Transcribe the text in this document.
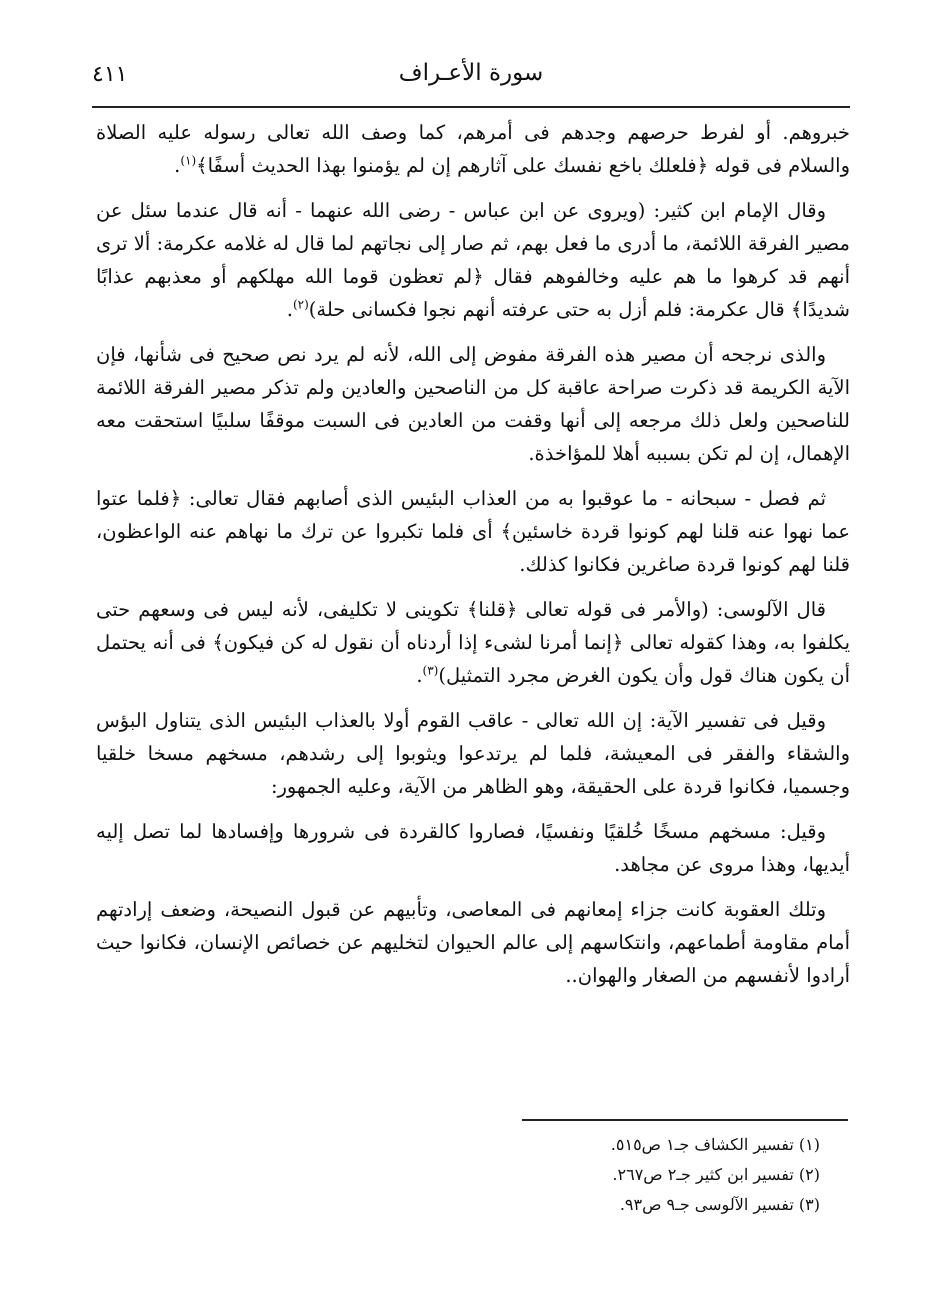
٤١١	سورة الأعـراف

خبروهم. أو لفرط حرصهم وجدهم فى أمرهم، كما وصف الله تعالى رسوله عليه الصلاة والسلام فى قوله ﴿فلعلك باخع نفسك على آثارهم إن لم يؤمنوا بهذا الحديث أسفًا﴾$^{(١)}$.

وقال الإمام ابن كثير: (ويروى عن ابن عباس - رضى الله عنهما - أنه قال عندما سئل عن مصير الفرقة اللائمة، ما أدرى ما فعل بهم، ثم صار إلى نجاتهم لما قال له غلامه عكرمة: ألا ترى أنهم قد كرهوا ما هم عليه وخالفوهم فقال ﴿لم تعظون قوما الله مهلكهم أو معذبهم عذابًا شديدًا﴾ قال عكرمة: فلم أزل به حتى عرفته أنهم نجوا فكسانى حلة)$^{(٢)}$.

والذى نرجحه أن مصير هذه الفرقة مفوض إلى الله، لأنه لم يرد نص صحيح فى شأنها، فإن الآية الكريمة قد ذكرت صراحة عاقبة كل من الناصحين والعادين ولم تذكر مصير الفرقة اللائمة للناصحين ولعل ذلك مرجعه إلى أنها وقفت من العادين فى السبت موقفًا سلبيًا استحقت معه الإهمال، إن لم تكن بسببه أهلا للمؤاخذة.

ثم فصل - سبحانه - ما عوقبوا به من العذاب البئيس الذى أصابهم فقال تعالى: ﴿فلما عتوا عما نهوا عنه قلنا لهم كونوا قردة خاسئين﴾ أى فلما تكبروا عن ترك ما نهاهم عنه الواعظون، قلنا لهم كونوا قردة صاغرين فكانوا كذلك.

قال الآلوسى: (والأمر فى قوله تعالى ﴿قلنا﴾ تكوينى لا تكليفى، لأنه ليس فى وسعهم حتى يكلفوا به، وهذا كقوله تعالى ﴿إنما أمرنا لشىء إذا أردناه أن نقول له كن فيكون﴾ فى أنه يحتمل أن يكون هناك قول وأن يكون الغرض مجرد التمثيل)$^{(٣)}$.

وقيل فى تفسير الآية: إن الله تعالى - عاقب القوم أولا بالعذاب البئيس الذى يتناول البؤس والشقاء والفقر فى المعيشة، فلما لم يرتدعوا ويثوبوا إلى رشدهم، مسخهم مسخا خلقيا وجسميا، فكانوا قردة على الحقيقة، وهو الظاهر من الآية، وعليه الجمهور:

وقيل: مسخهم مسخًا خُلقيًا ونفسيًا، فصاروا كالقردة فى شرورها وإفسادها لما تصل إليه أيديها، وهذا مروى عن مجاهد.

وتلك العقوبة كانت جزاء إمعانهم فى المعاصى، وتأبيهم عن قبول النصيحة، وضعف إرادتهم أمام مقاومة أطماعهم، وانتكاسهم إلى عالم الحيوان لتخليهم عن خصائص الإنسان، فكانوا حيث أرادوا لأنفسهم من الصغار والهوان..

(١) تفسير الكشاف جـ١ ص٥١٥.
(٢) تفسير ابن كثير جـ٢ ص٢٦٧.
(٣) تفسير الآلوسى جـ٩ ص٩٣.
